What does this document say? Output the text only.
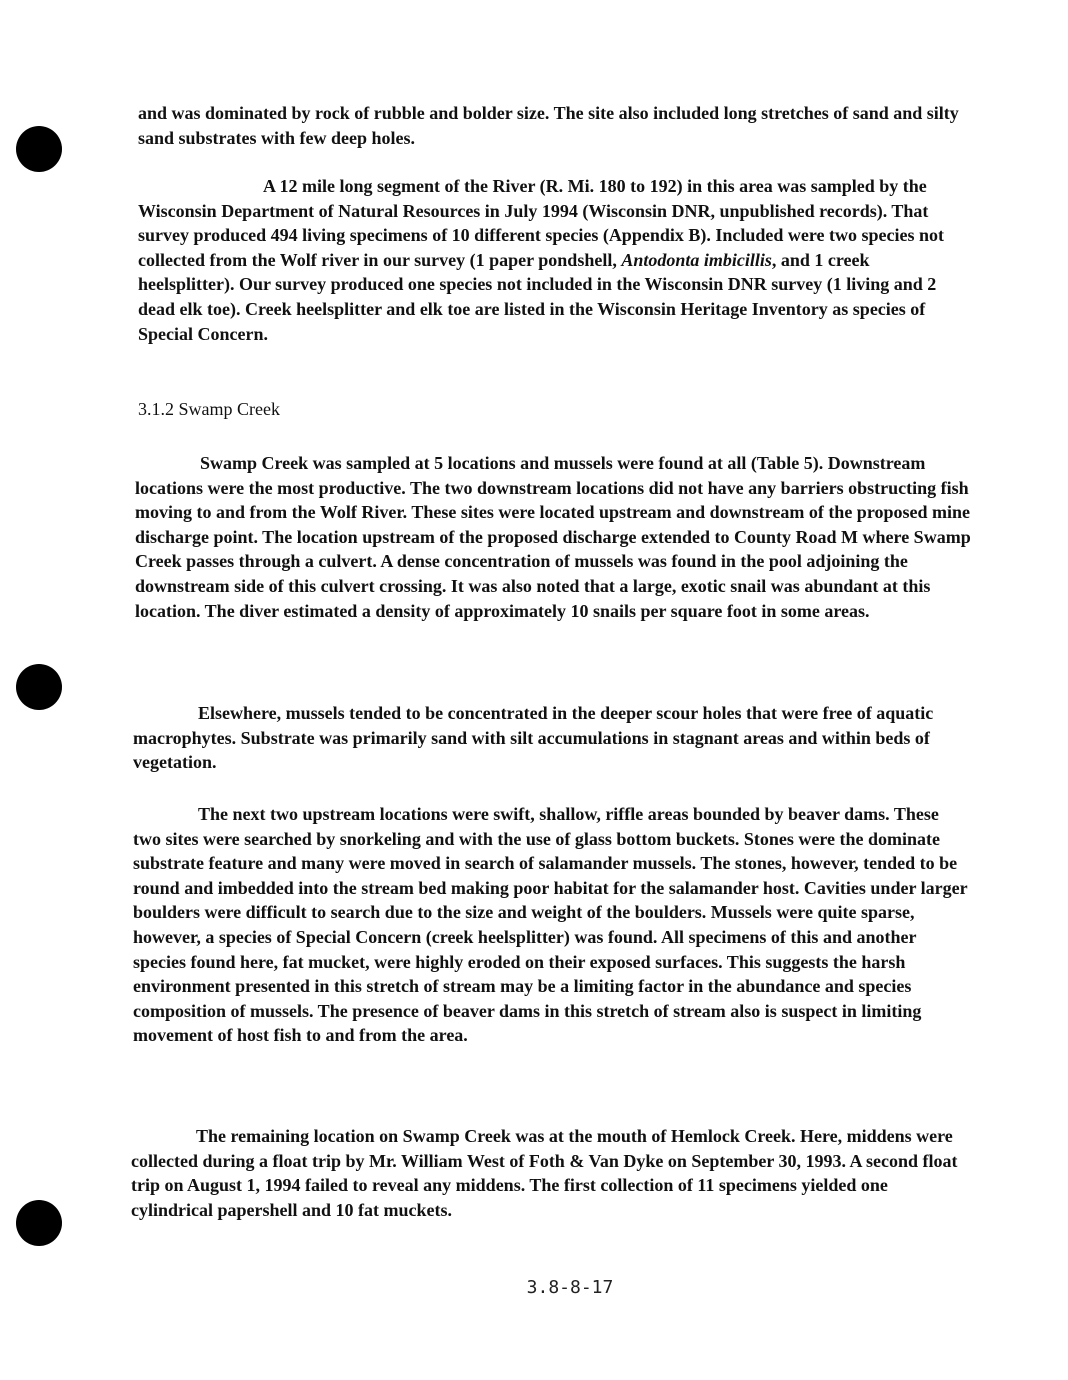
and was dominated by rock of rubble and bolder size. The site also included long stretches of sand and silty sand substrates with few deep holes.

A 12 mile long segment of the River (R. Mi. 180 to 192) in this area was sampled by the Wisconsin Department of Natural Resources in July 1994 (Wisconsin DNR, unpublished records). That survey produced 494 living specimens of 10 different species (Appendix B). Included were two species not collected from the Wolf river in our survey (1 paper pondshell, Antodonta imbicillis, and 1 creek heelsplitter). Our survey produced one species not included in the Wisconsin DNR survey (1 living and 2 dead elk toe). Creek heelsplitter and elk toe are listed in the Wisconsin Heritage Inventory as species of Special Concern.

3.1.2 Swamp Creek

Swamp Creek was sampled at 5 locations and mussels were found at all (Table 5). Downstream locations were the most productive. The two downstream locations did not have any barriers obstructing fish moving to and from the Wolf River. These sites were located upstream and downstream of the proposed mine discharge point. The location upstream of the proposed discharge extended to County Road M where Swamp Creek passes through a culvert. A dense concentration of mussels was found in the pool adjoining the downstream side of this culvert crossing. It was also noted that a large, exotic snail was abundant at this location. The diver estimated a density of approximately 10 snails per square foot in some areas.

Elsewhere, mussels tended to be concentrated in the deeper scour holes that were free of aquatic macrophytes. Substrate was primarily sand with silt accumulations in stagnant areas and within beds of vegetation.

The next two upstream locations were swift, shallow, riffle areas bounded by beaver dams. These two sites were searched by snorkeling and with the use of glass bottom buckets. Stones were the dominate substrate feature and many were moved in search of salamander mussels. The stones, however, tended to be round and imbedded into the stream bed making poor habitat for the salamander host. Cavities under larger boulders were difficult to search due to the size and weight of the boulders. Mussels were quite sparse, however, a species of Special Concern (creek heelsplitter) was found. All specimens of this and another species found here, fat mucket, were highly eroded on their exposed surfaces. This suggests the harsh environment presented in this stretch of stream may be a limiting factor in the abundance and species composition of mussels. The presence of beaver dams in this stretch of stream also is suspect in limiting movement of host fish to and from the area.

The remaining location on Swamp Creek was at the mouth of Hemlock Creek. Here, middens were collected during a float trip by Mr. William West of Foth & Van Dyke on September 30, 1993. A second float trip on August 1, 1994 failed to reveal any middens. The first collection of 11 specimens yielded one cylindrical papershell and 10 fat muckets.

3.8-8-17
